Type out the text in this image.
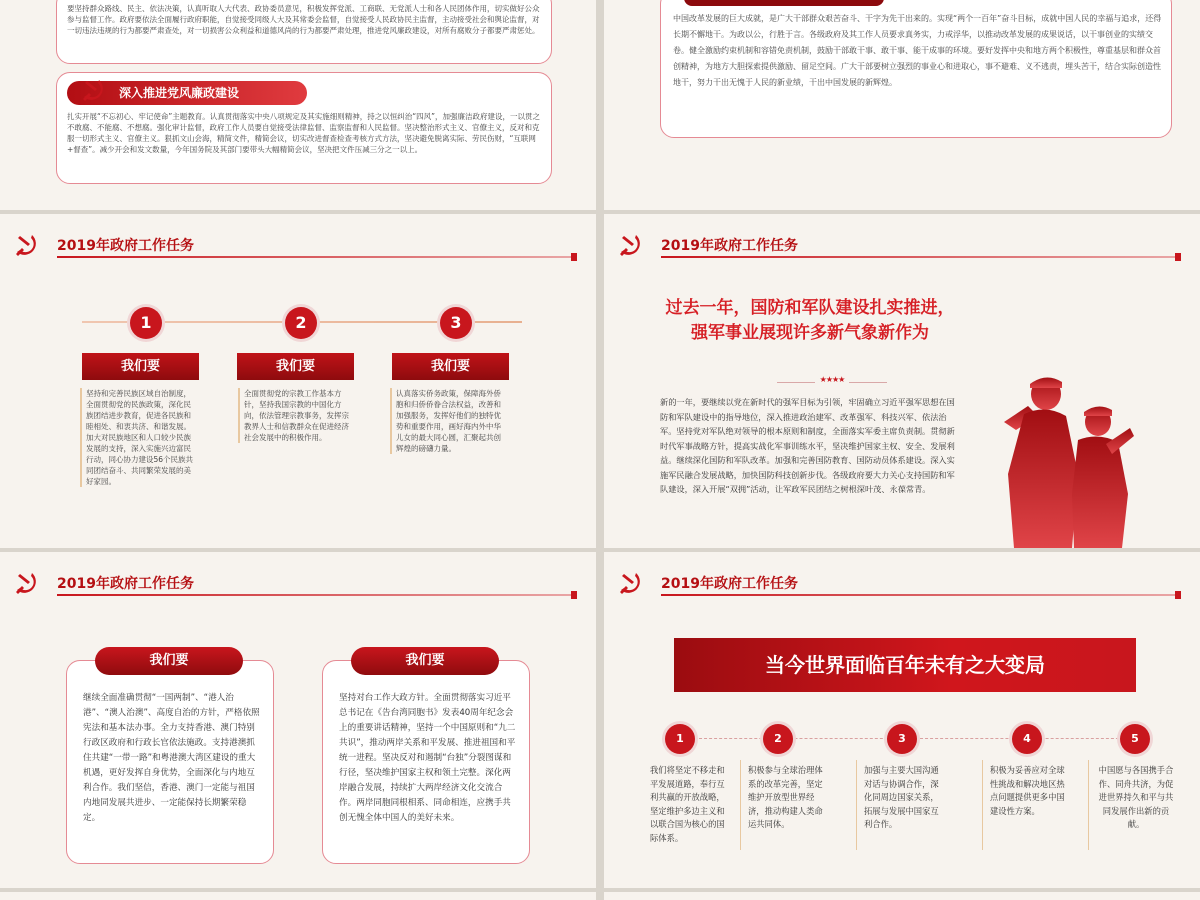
要坚持群众路线、民主、依法决策，认真听取人大代表、政协委员意见，积极发挥党派、工商联、无党派人士和各人民团体作用，切实做好公众参与监督工作。政府要依法全面履行政府职能，自觉接受同级人大及其常委会监督，自觉接受人民政协民主监督，主动接受社会和舆论监督，对一切违法违规的行为都要严肃查处，对一切损害公众利益和道德风尚的行为都要严肃处理，推进党风廉政建设，对所有腐败分子都要严肃惩处。
深入推进党风廉政建设
扎实开展“不忘初心、牢记使命”主题教育。认真贯彻落实中央八项规定及其实施细则精神，持之以恒纠治“四风”，加强廉洁政府建设，一以贯之不敢腐、不能腐、不想腐。强化审计监督，政府工作人员要自觉接受法律监督、监察监督和人民监督。坚决整治形式主义、官僚主义，反对和克服一切形式主义、官僚主义。狠抓文山会海，精简文件，精简会议，切实改进督查检查考核方式方法，坚决避免脱离实际、劳民伤财，“互联网+督查”。减少开会和发文数量，今年国务院及其部门要带头大幅精简会议，坚决把文件压减三分之一以上。
中国改革发展的巨大成就，是广大干部群众艰苦奋斗、干字为先干出来的。实现“两个一百年”奋斗目标，成就中国人民的幸福与追求，还得长期不懈地干。为政以公，行胜于言。各级政府及其工作人员要求真务实，力戒浮华，以推动改革发展的成果说话，以干事创业的实绩交卷。健全激励约束机制和容错免责机制，鼓励干部敢干事、敢干事、能干成事的环境。要好发挥中央和地方两个积极性，尊重基层和群众首创精神，为地方大胆探索提供激励、留足空间。广大干部要树立强烈的事业心和进取心，事不避难、义不逃责，埋头苦干，结合实际创造性地干，努力干出无愧于人民的新业绩，干出中国发展的新辉煌。
2019年政府工作任务
1	2	3
我们要	我们要	我们要
坚持和完善民族区域自治制度，全面贯彻党的民族政策，深化民族团结进步教育，促进各民族和睦相处、和衷共济、和谐发展。加大对民族地区和人口较少民族发展的支持，深入实施兴边富民行动，同心协力建设56个民族共同团结奋斗、共同繁荣发展的美好家园。
全面贯彻党的宗教工作基本方针，坚持我国宗教的中国化方向，依法管理宗教事务，发挥宗教界人士和信教群众在促进经济社会发展中的积极作用。
认真落实侨务政策，保障海外侨胞和归侨侨眷合法权益，改善和加强服务，发挥好他们的独特优势和重要作用，画好海内外中华儿女的最大同心圆，汇聚起共创辉煌的磅礴力量。
2019年政府工作任务
过去一年，国防和军队建设扎实推进，强军事业展现许多新气象新作为
★★★★
新的一年，要继续以党在新时代的强军目标为引领，牢固确立习近平强军思想在国防和军队建设中的指导地位，深入推进政治建军、改革强军、科技兴军、依法治军。坚持党对军队绝对领导的根本原则和制度，全面落实军委主席负责制。贯彻新时代军事战略方针，提高实战化军事训练水平，坚决维护国家主权、安全、发展利益。继续深化国防和军队改革。加强和完善国防教育、国防动员体系建设。深入实施军民融合发展战略，加快国防科技创新步伐。各级政府要大力关心支持国防和军队建设，深入开展“双拥”活动，让军政军民团结之树根深叶茂、永葆常青。
2019年政府工作任务
我们要
继续全面准确贯彻“一国两制”、“港人治港”、“澳人治澳”、高度自治的方针，严格依照宪法和基本法办事。全力支持香港、澳门特别行政区政府和行政长官依法施政。支持港澳抓住共建“一带一路”和粤港澳大湾区建设的重大机遇，更好发挥自身优势，全面深化与内地互利合作。我们坚信，香港、澳门一定能与祖国内地同发展共进步、一定能保持长期繁荣稳定。
我们要
坚持对台工作大政方针。全面贯彻落实习近平总书记在《告台湾同胞书》发表40周年纪念会上的重要讲话精神，坚持一个中国原则和“九二共识”，推动两岸关系和平发展、推进祖国和平统一进程。坚决反对和遏制“台独”分裂图谋和行径，坚决维护国家主权和领土完整。深化两岸融合发展，持续扩大两岸经济文化交流合作。两岸同胞同根相系、同命相连，应携手共创无愧全体中国人的美好未来。
2019年政府工作任务
当今世界面临百年未有之大变局
1	2	3	4	5
我们将坚定不移走和平发展道路，奉行互利共赢的开放战略，坚定维护多边主义和以联合国为核心的国际体系。
积极参与全球治理体系的改革完善，坚定维护开放型世界经济，推动构建人类命运共同体。
加强与主要大国沟通对话与协调合作，深化同周边国家关系，拓展与发展中国家互利合作。
积极为妥善应对全球性挑战和解决地区热点问题提供更多中国建设性方案。
中国愿与各国携手合作、同舟共济，为促进世界持久和平与共同发展作出新的贡献。
